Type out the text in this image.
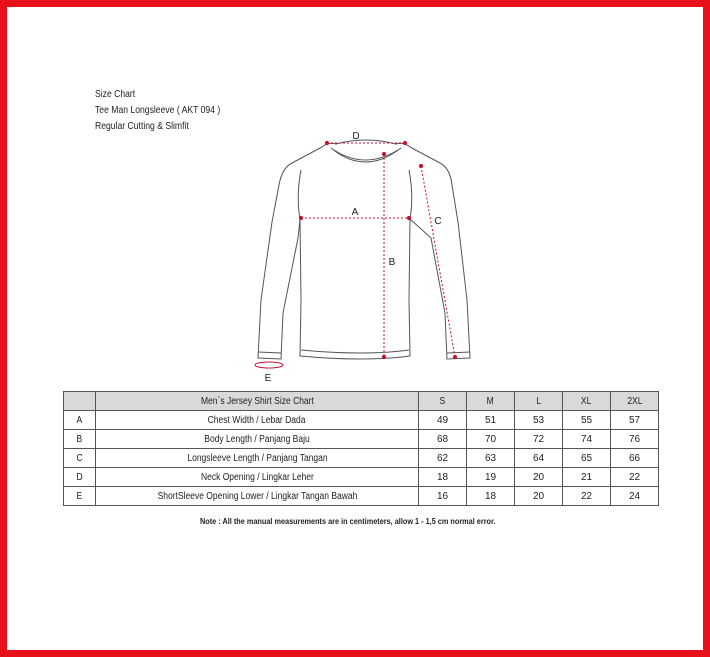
Size Chart
Tee Man Longsleeve ( AKT 094 )
Regular Cutting & Slimfit
D
A
B
C
E
	Men`s Jersey Shirt Size Chart	S	M	L	XL	2XL
A	Chest Width / Lebar Dada	49	51	53	55	57
B	Body Length / Panjang Baju	68	70	72	74	76
C	Longsleeve Length / Panjang Tangan	62	63	64	65	66
D	Neck Opening / Lingkar Leher	18	19	20	21	22
E	ShortSleeve Opening Lower / Lingkar Tangan Bawah	16	18	20	22	24
Note : All the manual measurements are in centimeters, allow 1 - 1,5 cm normal error.
